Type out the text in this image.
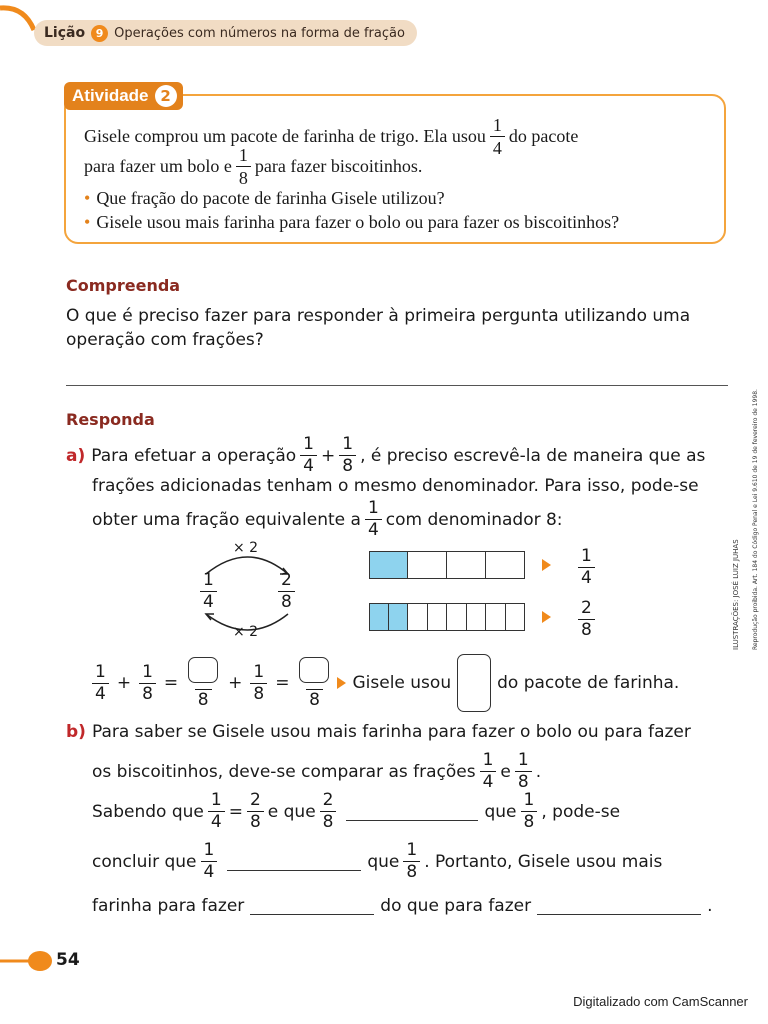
Lição 9 Operações com números na forma de fração
Atividade 2
Gisele comprou um pacote de farinha de trigo. Ela usou $\frac{1}{4}$ do pacote
para fazer um bolo e $\frac{1}{8}$ para fazer biscoitinhos.
• Que fração do pacote de farinha Gisele utilizou?
• Gisele usou mais farinha para fazer o bolo ou para fazer os biscoitinhos?
Compreenda
O que é preciso fazer para responder à primeira pergunta utilizando uma
operação com frações?
Responda
a) Para efetuar a operação $\frac{1}{4} + \frac{1}{8}$ , é preciso escrevê-la de maneira que as
frações adicionadas tenham o mesmo denominador. Para isso, pode-se
obter uma fração equivalente a $\frac{1}{4}$ com denominador 8:
× 2
× 2
$\frac{1}{4}$	$\frac{2}{8}$
$\frac{1}{4}$
$\frac{2}{8}$
$\frac{1}{4} + \frac{1}{8}$ =
8
+ $\frac{1}{8}$ =
8
Gisele usou	do pacote de farinha.
b) Para saber se Gisele usou mais farinha para fazer o bolo ou para fazer
os biscoitinhos, deve-se comparar as frações $\frac{1}{4}$ e $\frac{1}{8}$ .
Sabendo que $\frac{1}{4} = \frac{2}{8}$ e que $\frac{2}{8}$	que $\frac{1}{8}$ , pode-se
concluir que $\frac{1}{4}$	que $\frac{1}{8}$ . Portanto, Gisele usou mais
farinha para fazer	do que para fazer	.
ILUSTRAÇÕES: JOSÉ LUIZ JUHAS Reprodução proibida. Art. 184 do Código Penal e Lei 9.610 de 19 de fevereiro de 1998.
54
Digitalizado com CamScanner
